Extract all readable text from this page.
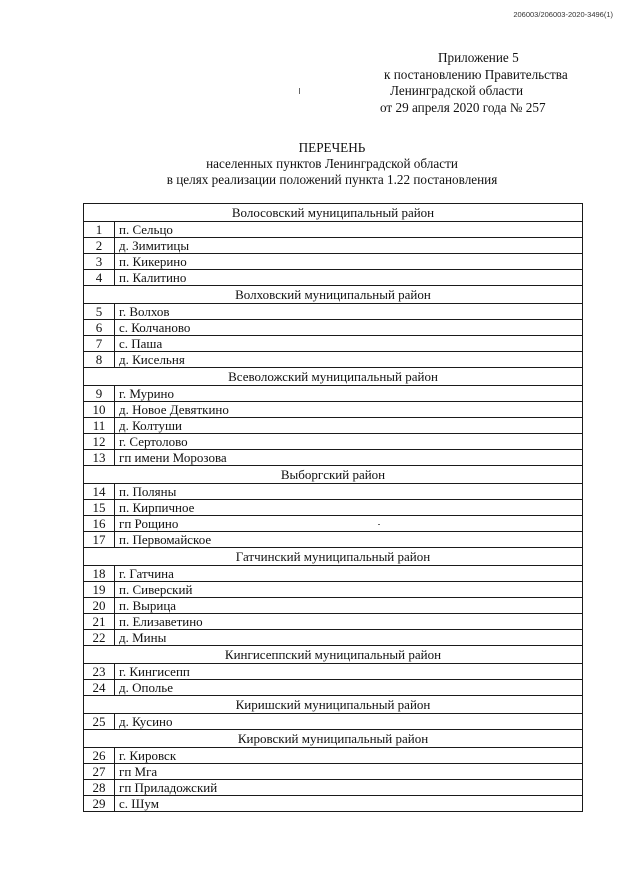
206003/206003-2020-3496(1)
Приложение 5
к постановлению Правительства
Ленинградской области
от 29 апреля 2020 года № 257
ПЕРЕЧЕНЬ
населенных пунктов Ленинградской области
в целях реализации положений пункта 1.22 постановления
Волосовский муниципальный район	
1	п. Сельцо
2	д. Зимитицы
3	п. Кикерино
4	п. Калитино
Волховский муниципальный район	
5	г. Волхов
6	с. Колчаново
7	с. Паша
8	д. Кисельня
Всеволожский муниципальный район	
9	г. Мурино
10	д. Новое Девяткино
11	д. Колтуши
12	г. Сертолово
13	гп имени Морозова
Выборгский район	
14	п. Поляны
15	п. Кирпичное
16	гп Рощино
17	п. Первомайское
Гатчинский муниципальный район	
18	г. Гатчина
19	п. Сиверский
20	п. Вырица
21	п. Елизаветино
22	д. Мины
Кингисеппский муниципальный район	
23	г. Кингисепп
24	д. Ополье
Киришский муниципальный район	
25	д. Кусино
Кировский муниципальный район	
26	г. Кировск
27	гп Мга
28	гп Приладожский
29	с. Шум
